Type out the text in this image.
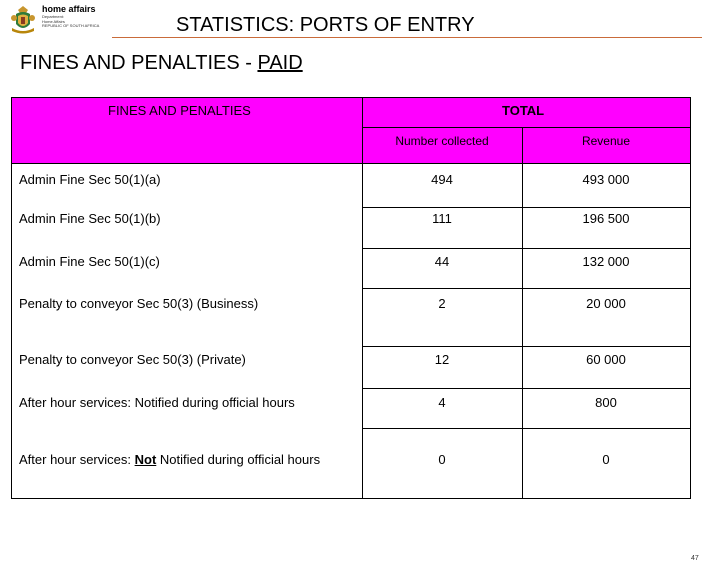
home affairs
Department:
Home Affairs
REPUBLIC OF SOUTH AFRICA	STATISTICS: PORTS OF ENTRY
FINES AND PENALTIES - PAID
FINES AND PENALTIES	TOTAL
Number collected	Revenue
Admin Fine Sec 50(1)(a)	494	493 000
Admin Fine Sec 50(1)(b)	111	196 500
Admin Fine Sec 50(1)(c)	44	132 000
Penalty to conveyor Sec 50(3) (Business)	2	20 000
Penalty to conveyor Sec 50(3) (Private)	12	60 000
After hour services: Notified during official hours	4	800
After hour services: Not Notified during official hours	0	0
47
